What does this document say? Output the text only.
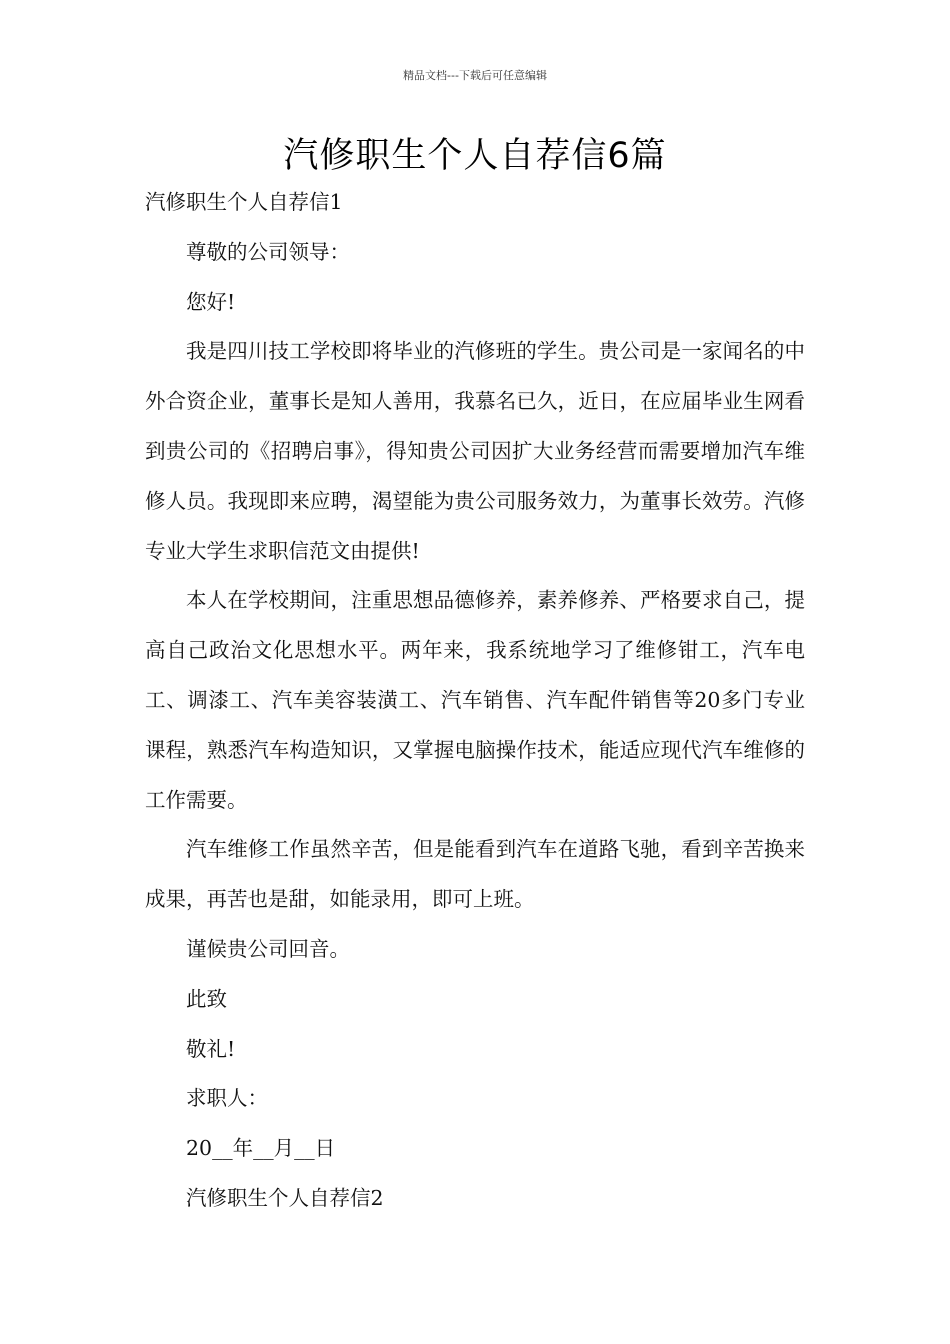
精品文档---下载后可任意编辑
汽修职生个人自荐信6篇

汽修职生个人自荐信1

尊敬的公司领导：

您好!

我是四川技工学校即将毕业的汽修班的学生。贵公司是一家闻名的中外合资企业，董事长是知人善用，我慕名已久，近日，在应届毕业生网看到贵公司的《招聘启事》，得知贵公司因扩大业务经营而需要增加汽车维修人员。我现即来应聘，渴望能为贵公司服务效力，为董事长效劳。汽修专业大学生求职信范文由提供!

本人在学校期间，注重思想品德修养，素养修养、严格要求自己，提高自己政治文化思想水平。两年来，我系统地学习了维修钳工，汽车电工、调漆工、汽车美容装潢工、汽车销售、汽车配件销售等20多门专业课程，熟悉汽车构造知识，又掌握电脑操作技术，能适应现代汽车维修的工作需要。

汽车维修工作虽然辛苦，但是能看到汽车在道路飞驰，看到辛苦换来成果，再苦也是甜，如能录用，即可上班。

谨候贵公司回音。

此致

敬礼!

求职人：

20__年__月__日

汽修职生个人自荐信2
